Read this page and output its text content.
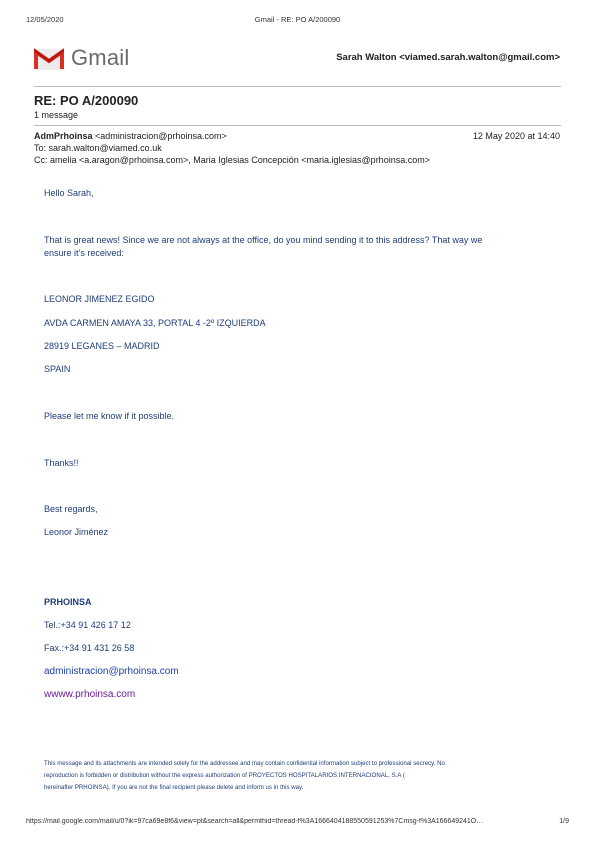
12/05/2020	Gmail - RE: PO A/200090
Gmail	Sarah Walton <viamed.sarah.walton@gmail.com>
RE: PO A/200090
1 message
AdmPrhoinsa <administracion@prhoinsa.com>	12 May 2020 at 14:40
To: sarah.walton@viamed.co.uk
Cc: amelia <a.aragon@prhoinsa.com>, Maria Iglesias Concepción <maria.iglesias@prhoinsa.com>
Hello Sarah,
That is great news! Since we are not always at the office, do you mind sending it to this address? That way we
ensure it’s received:
LEONOR JIMENEZ EGIDO
AVDA CARMEN AMAYA 33, PORTAL 4 -2º IZQUIERDA
28919 LEGANES – MADRID
SPAIN
Please let me know if it possible.
Thanks!!
Best regards,
Leonor Jiménez
PRHOINSA
Tel.:+34 91 426 17 12
Fax.:+34 91 431 26 58
administracion@prhoinsa.com
wwww.prhoinsa.com
This message and its attachments are intended solely for the addressee and may contain confidential information subject to professional secrecy. No
reproduction is forbidden or distribution without the express authorization of PROYECTOS HOSPITALARIOS INTERNACIONAL, S.A (
hereinafter PRHOINSA). If you are not the final recipient please delete and inform us in this way.
https://mail.google.com/mail/u/0?ik=97ca69e8f6&view=pt&search=all&permthid=thread-f%3A1666404188550591253%7Cmsg-f%3A166649241O…	1/9
